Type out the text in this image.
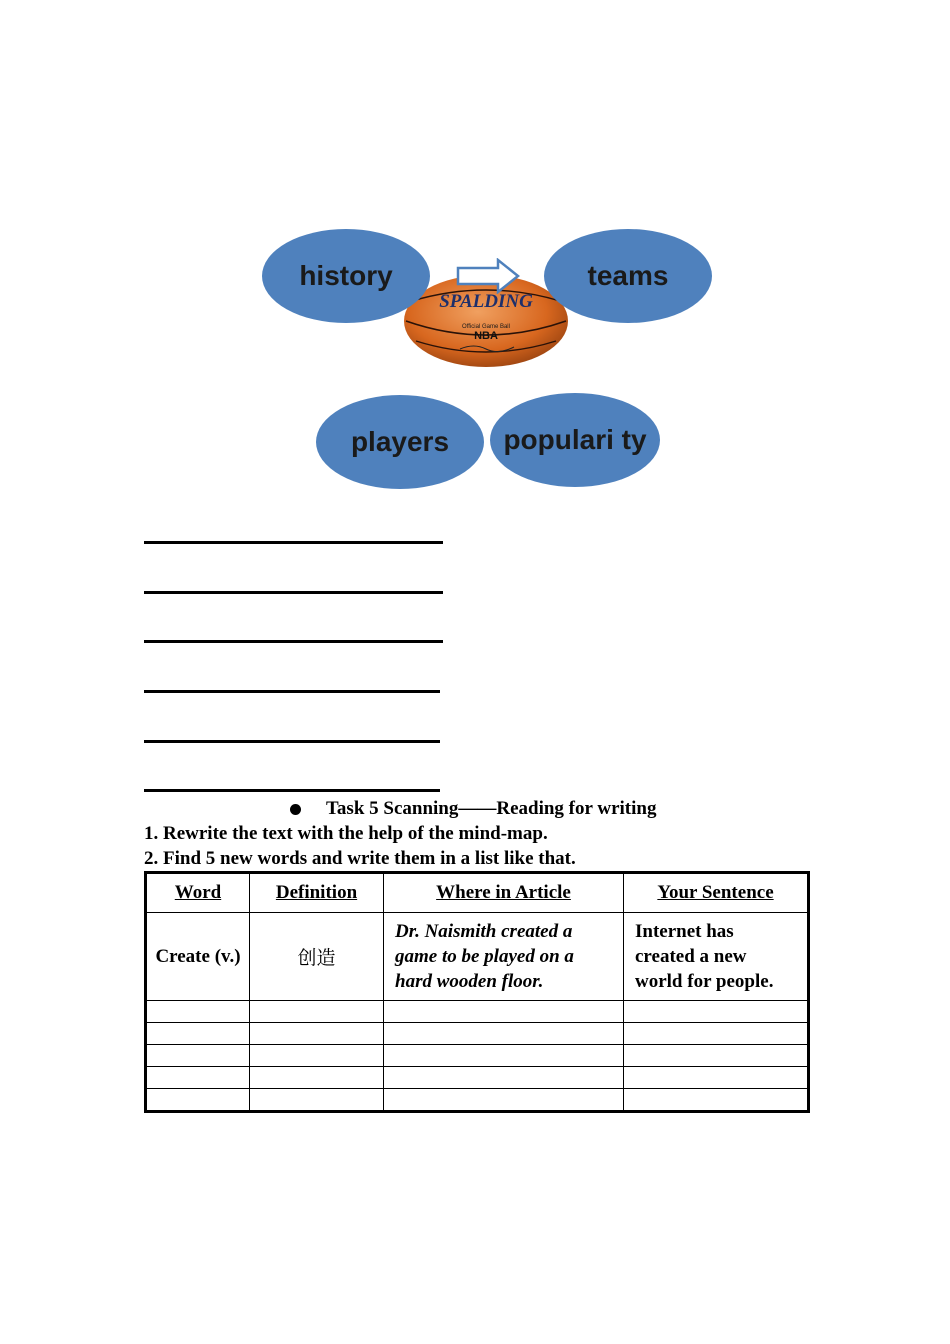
SPALDING
Official Game Ball
NBA
history	teams
players populari ty
Task 5 Scanning——Reading for writing
1. Rewrite the text with the help of the mind-map.
2. Find 5 new words and write them in a list like that.
Word	Definition	Where in Article	Your Sentence
Create (v.)	创造	Dr. Naismith created a game to be played on a hard wooden floor.	Internet has created a new world for people.
